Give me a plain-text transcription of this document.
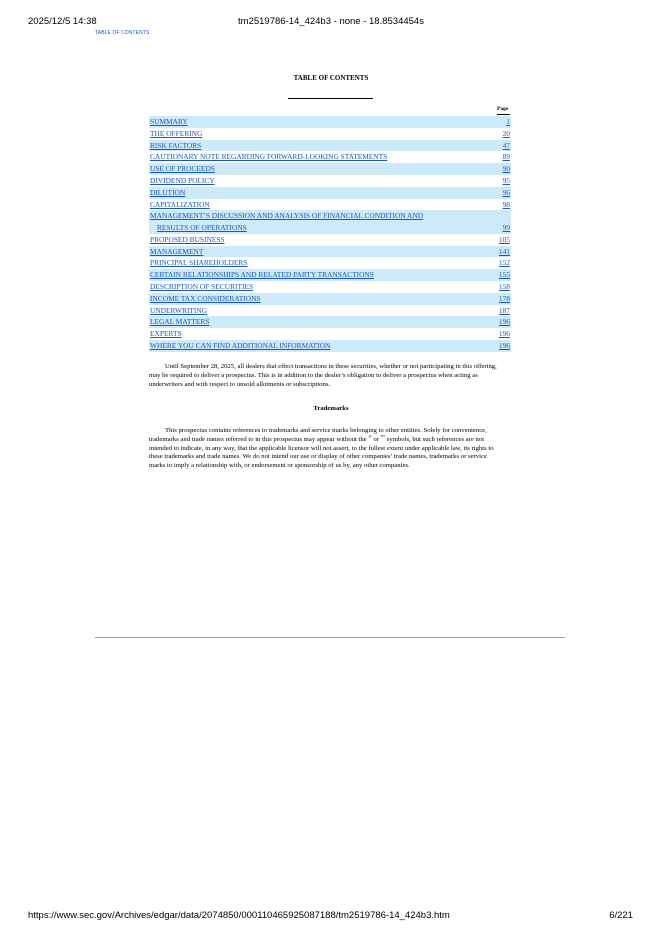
2025/12/5 14:38	tm2519786-14_424b3 - none - 18.8534454s
TABLE OF CONTENTS
TABLE OF CONTENTS
Page
SUMMARY	1
THE OFFERING	20
RISK FACTORS	47
CAUTIONARY NOTE REGARDING FORWARD-LOOKING STATEMENTS	89
USE OF PROCEEDS	90
DIVIDEND POLICY	95
DILUTION	96
CAPITALIZATION	98
MANAGEMENT’S DISCUSSION AND ANALYSIS OF FINANCIAL CONDITION AND
RESULTS OF OPERATIONS	99
PROPOSED BUSINESS	105
MANAGEMENT	141
PRINCIPAL SHAREHOLDERS	152
CERTAIN RELATIONSHIPS AND RELATED PARTY TRANSACTIONS	155
DESCRIPTION OF SECURITIES	158
INCOME TAX CONSIDERATIONS	178
UNDERWRITING	187
LEGAL MATTERS	196
EXPERTS	196
WHERE YOU CAN FIND ADDITIONAL INFORMATION	196

Until September 28, 2025, all dealers that effect transactions in these securities, whether or not participating in this offering, may be required to deliver a prospectus. This is in addition to the dealer’s obligation to deliver a prospectus when acting as underwriters and with respect to unsold allotments or subscriptions.

Trademarks

This prospectus contains references to trademarks and service marks belonging to other entities. Solely for convenience, trademarks and trade names referred to in this prospectus may appear without the ® or ™ symbols, but such references are not intended to indicate, in any way, that the applicable licensor will not assert, to the fullest extent under applicable law, its rights to these trademarks and trade names. We do not intend our use or display of other companies’ trade names, trademarks or service marks to imply a relationship with, or endorsement or sponsorship of us by, any other companies.

https://www.sec.gov/Archives/edgar/data/2074850/000110465925087188/tm2519786-14_424b3.htm	6/221
